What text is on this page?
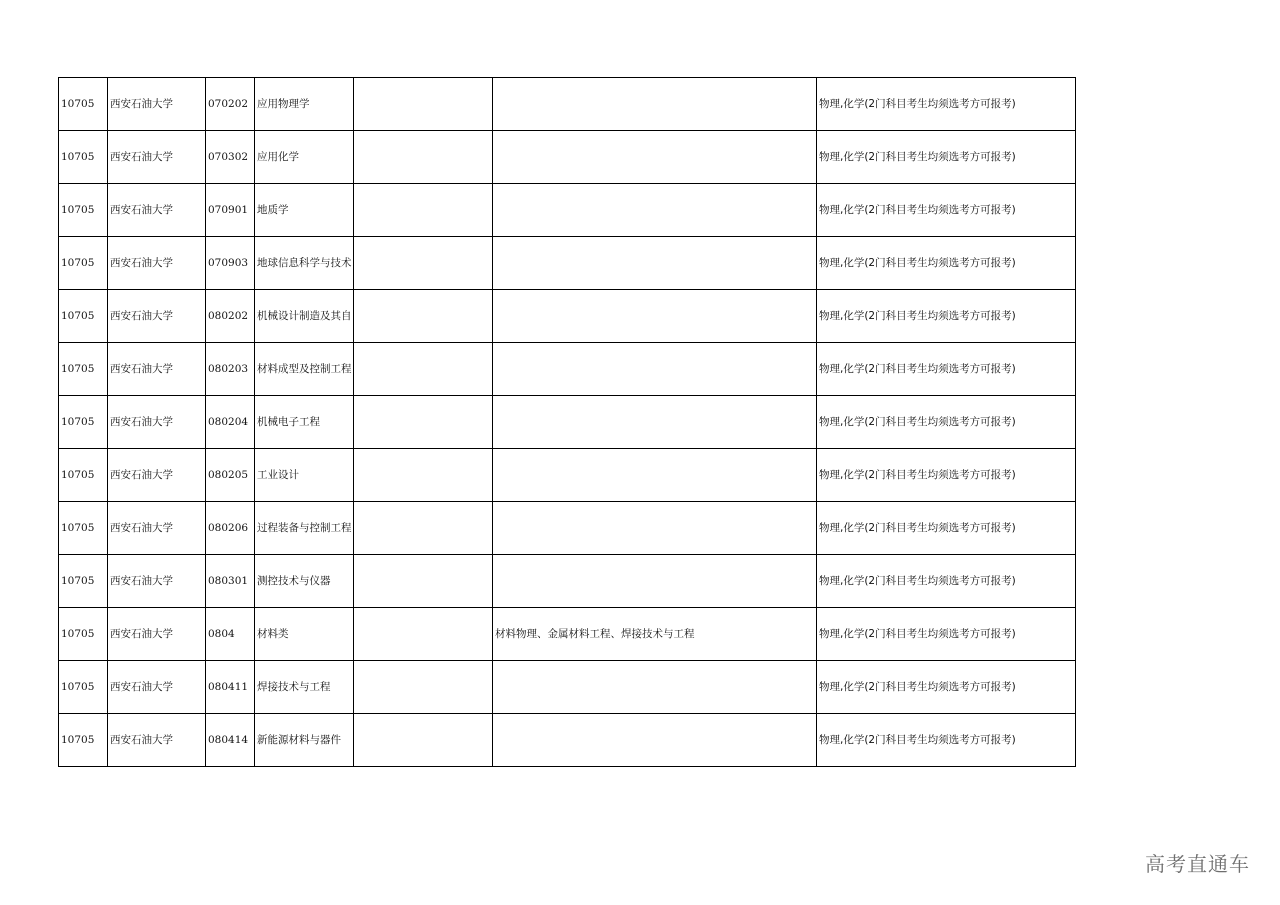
10705	西安石油大学	070202	应用物理学			物理,化学(2门科目考生均须选考方可报考)
10705	西安石油大学	070302	应用化学			物理,化学(2门科目考生均须选考方可报考)
10705	西安石油大学	070901	地质学			物理,化学(2门科目考生均须选考方可报考)
10705	西安石油大学	070903	地球信息科学与技术			物理,化学(2门科目考生均须选考方可报考)
10705	西安石油大学	080202	机械设计制造及其自			物理,化学(2门科目考生均须选考方可报考)
10705	西安石油大学	080203	材料成型及控制工程			物理,化学(2门科目考生均须选考方可报考)
10705	西安石油大学	080204	机械电子工程			物理,化学(2门科目考生均须选考方可报考)
10705	西安石油大学	080205	工业设计			物理,化学(2门科目考生均须选考方可报考)
10705	西安石油大学	080206	过程装备与控制工程			物理,化学(2门科目考生均须选考方可报考)
10705	西安石油大学	080301	测控技术与仪器			物理,化学(2门科目考生均须选考方可报考)
10705	西安石油大学	0804	材料类		材料物理、金属材料工程、焊接技术与工程	物理,化学(2门科目考生均须选考方可报考)
10705	西安石油大学	080411	焊接技术与工程			物理,化学(2门科目考生均须选考方可报考)
10705	西安石油大学	080414	新能源材料与器件			物理,化学(2门科目考生均须选考方可报考)
高考直通车
